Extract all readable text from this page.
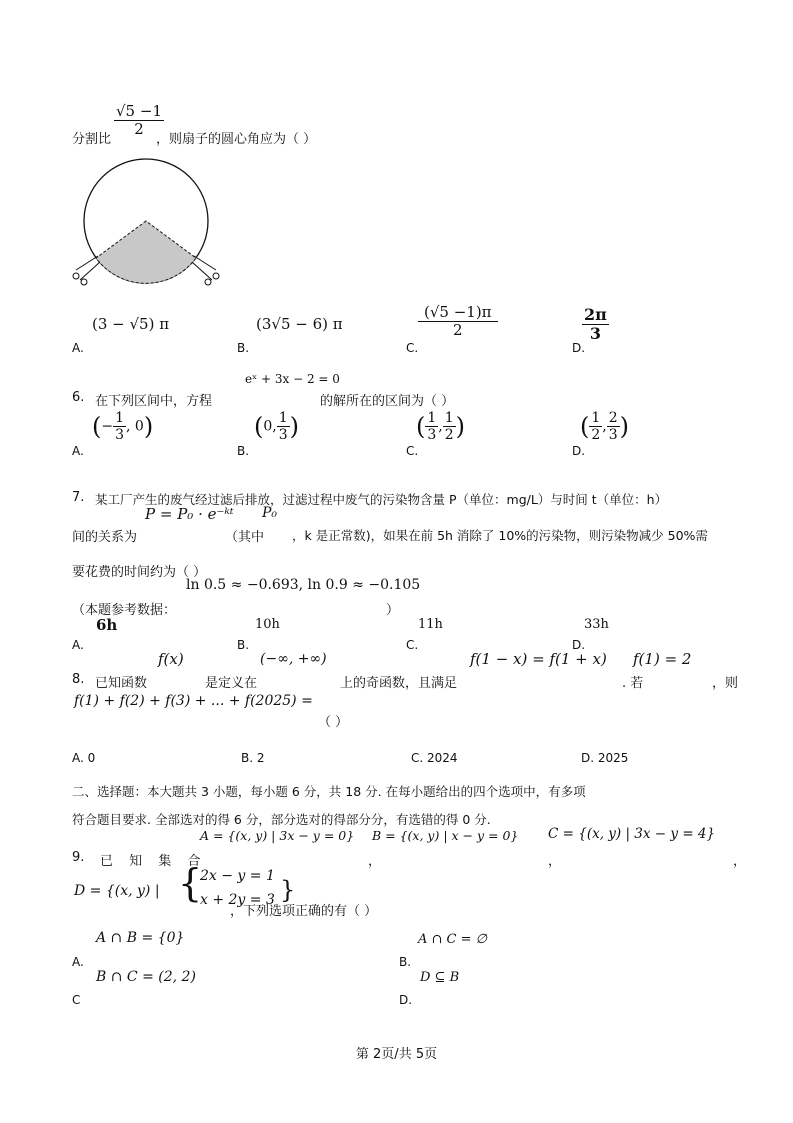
分割比
$\frac{√5 -1}{2}$
，则扇子的圆心角应为（ ）
A.
(3 − √5) π
B.
(3√5 − 6) π
C.
$\frac{(√5 -1)\pi}{2}$
D.
$\frac{2\pi}{3}$
6. 在下列区间中，方程
eˣ + 3x − 2 = 0
的解所在的区间为（ ）
A.
(− $\frac{1}{3}$ , 0)
B.
(0, $\frac{1}{3}$ )
C.
( $\frac{1}{3}$ , $\frac{1}{2}$ )
D.
( $\frac{1}{2}$ , $\frac{2}{3}$ )
7. 某工厂产生的废气经过滤后排放，过滤过程中废气的污染物含量 P（单位：mg/L）与时间 t（单位：h）
P = P₀ · e⁻ᵏᵗ P₀
间的关系为	（其中 ，k 是正常数)，如果在前 5h 消除了 10%的污染物，则污染物减少 50%需
要花费的时间约为（ ）
ln 0.5 ≈ −0.693, ln 0.9 ≈ −0.105
（本题参考数据：	）
6h
A.
10h
B.
11h
C.
33h
D.
f(x)	(−∞, +∞)	f(1 − x) = f(1 + x) f(1) = 2
8. 已知函数	是定义在	上的奇函数，且满足	. 若	，则
f(1) + f(2) + f(3) + ... + f(2025) =
（ ）
A. 0	B. 2	C. 2024	D. 2025
二、选择题：本大题共 3 小题，每小题 6 分，共 18 分. 在每小题给出的四个选项中，有多项
符合题目要求. 全部选对的得 6 分，部分选对的得部分分，有选错的得 0 分.
A = {(x, y) | 3x − y = 0} B = {(x, y) | x − y = 0} C = {(x, y) | 3x − y = 4}
9. 已 知 集 合	，	，	，
D = {(x, y) | {
2x − y = 1
x + 2y = 3 }
，下列选项正确的有（ ）
A ∩ B = {0}
A.
A ∩ C = ∅
B.
B ∩ C = (2, 2)
C
D ⊆ B
D.
第 2页/共 5页
